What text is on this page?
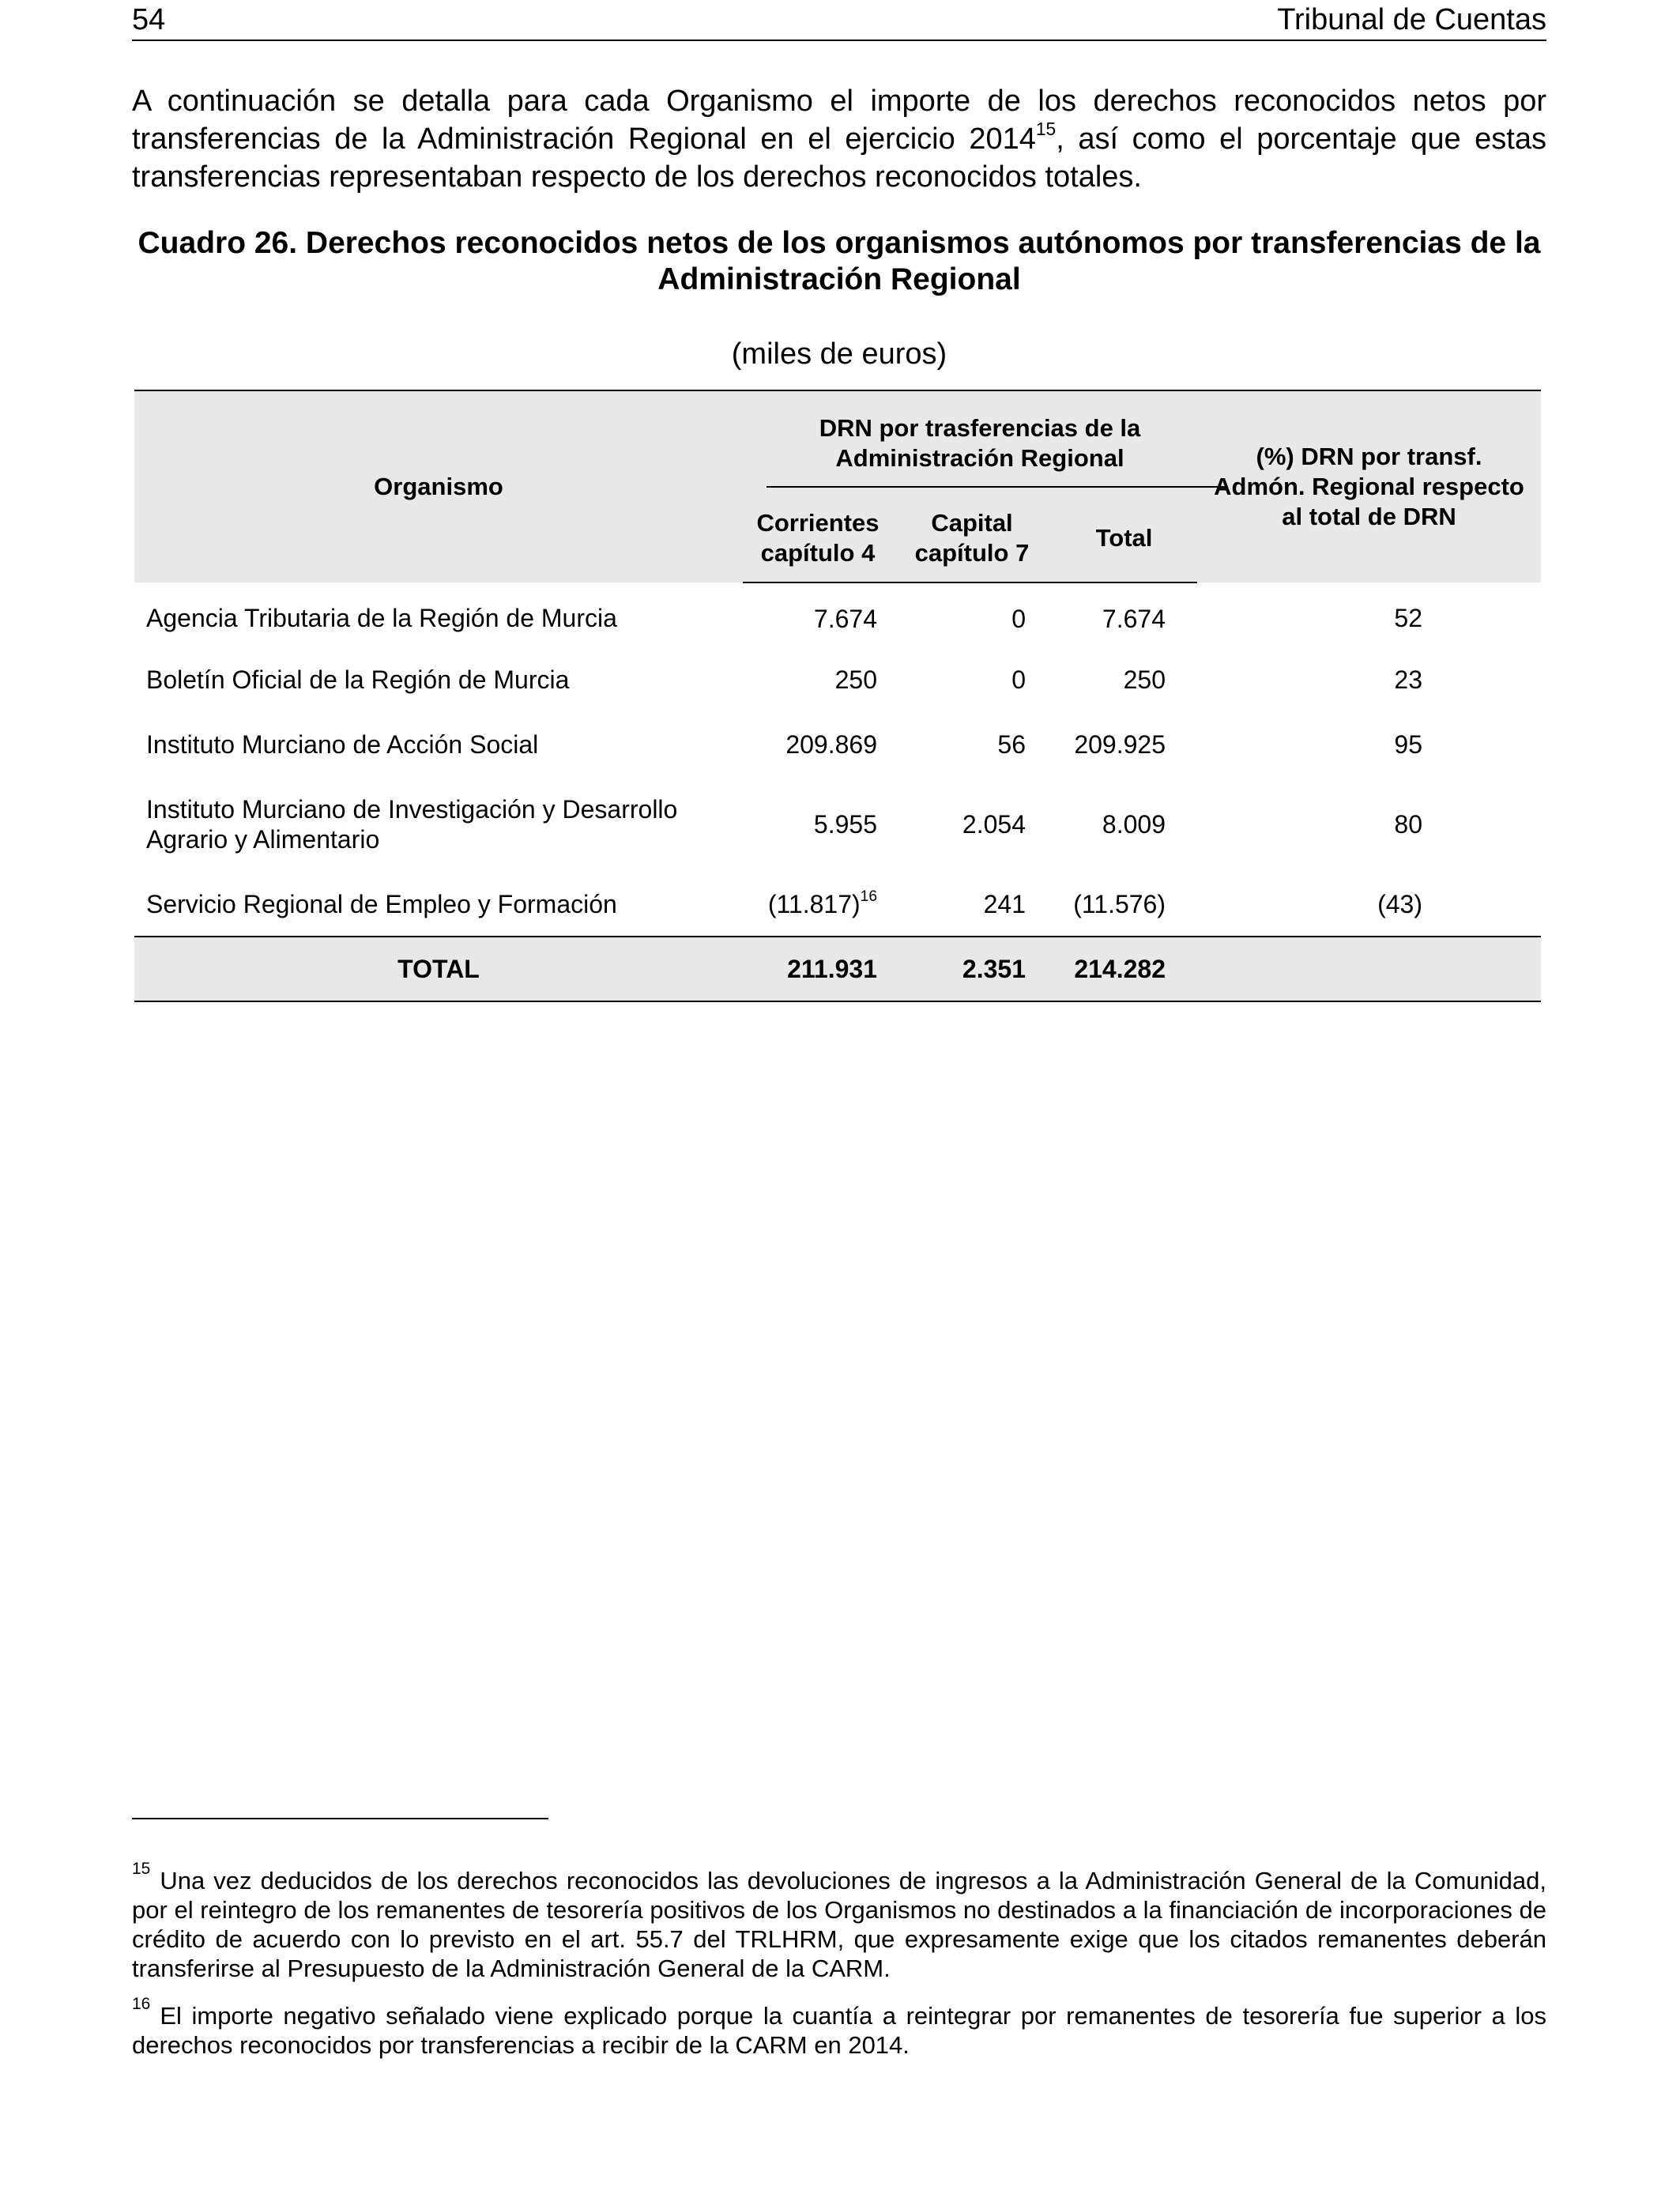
54	Tribunal de Cuentas

A continuación se detalla para cada Organismo el importe de los derechos reconocidos netos por transferencias de la Administración Regional en el ejercicio 2014$^{15}$, así como el porcentaje que estas transferencias representaban respecto de los derechos reconocidos totales.

Cuadro 26. Derechos reconocidos netos de los organismos autónomos por transferencias de la Administración Regional

(miles de euros)
Organismo	DRN por trasferencias de la Administración Regional			(%) DRN por transf. Admón. Regional respecto al total de DRN

	Corrientes capítulo 4	Capital capítulo 7	Total	
Agencia Tributaria de la Región de Murcia	7.674	0	7.674	52
Boletín Oficial de la Región de Murcia	250	0	250	23
Instituto Murciano de Acción Social	209.869	56	209.925	95
Instituto Murciano de Investigación y Desarrollo Agrario y Alimentario	5.955	2.054	8.009	80
Servicio Regional de Empleo y Formación	$(11.817)^{16}$	241	(11.576)	(43)
TOTAL	211.931	2.351	214.282	

$^{15}$ Una vez deducidos de los derechos reconocidos las devoluciones de ingresos a la Administración General de la Comunidad, por el reintegro de los remanentes de tesorería positivos de los Organismos no destinados a la financiación de incorporaciones de crédito de acuerdo con lo previsto en el art. 55.7 del TRLHRM, que expresamente exige que los citados remanentes deberán transferirse al Presupuesto de la Administración General de la CARM.

$^{16}$ El importe negativo señalado viene explicado porque la cuantía a reintegrar por remanentes de tesorería fue superior a los derechos reconocidos por transferencias a recibir de la CARM en 2014.
